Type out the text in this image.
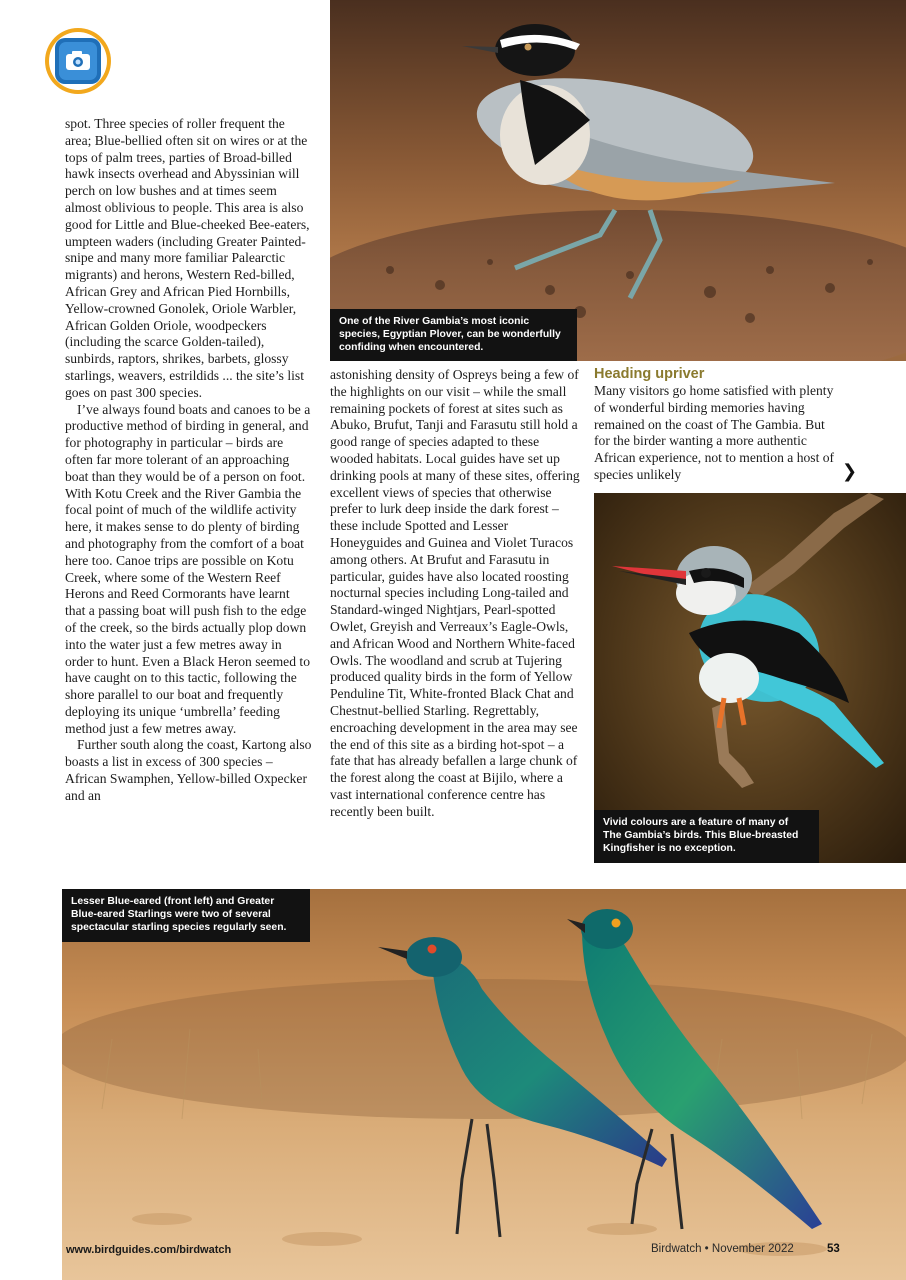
One of the River Gambia’s most iconic species, Egyptian Plover, can be wonderfully confiding when encountered.

spot. Three species of roller frequent the area; Blue-bellied often sit on wires or at the tops of palm trees, parties of Broad-billed hawk insects overhead and Abyssinian will perch on low bushes and at times seem almost oblivious to people. This area is also good for Little and Blue-cheeked Bee-eaters, umpteen waders (including Greater Painted-snipe and many more familiar Palearctic migrants) and herons, Western Red-billed, African Grey and African Pied Hornbills, Yellow-crowned Gonolek, Oriole Warbler, African Golden Oriole, woodpeckers (including the scarce Golden-tailed), sunbirds, raptors, shrikes, barbets, glossy starlings, weavers, estrildids ... the site’s list goes on past 300 species.

I’ve always found boats and canoes to be a productive method of birding in general, and for photography in particular – birds are often far more tolerant of an approaching boat than they would be of a person on foot. With Kotu Creek and the River Gambia the focal point of much of the wildlife activity here, it makes sense to do plenty of birding and photography from the comfort of a boat here too. Canoe trips are possible on Kotu Creek, where some of the Western Reef Herons and Reed Cormorants have learnt that a passing boat will push fish to the edge of the creek, so the birds actually plop down into the water just a few metres away in order to hunt. Even a Black Heron seemed to have caught on to this tactic, following the shore parallel to our boat and frequently deploying its unique ‘umbrella’ feeding method just a few metres away.

Further south along the coast, Kartong also boasts a list in excess of 300 species – African Swamphen, Yellow-billed Oxpecker and an

astonishing density of Ospreys being a few of the highlights on our visit – while the small remaining pockets of forest at sites such as Abuko, Brufut, Tanji and Farasutu still hold a good range of species adapted to these wooded habitats. Local guides have set up drinking pools at many of these sites, offering excellent views of species that otherwise prefer to lurk deep inside the dark forest – these include Spotted and Lesser Honeyguides and Guinea and Violet Turacos among others. At Brufut and Farasutu in particular, guides have also located roosting nocturnal species including Long-tailed and Standard-winged Nightjars, Pearl-spotted Owlet, Greyish and Verreaux’s Eagle-Owls, and African Wood and Northern White-faced Owls. The woodland and scrub at Tujering produced quality birds in the form of Yellow Penduline Tit, White-fronted Black Chat and Chestnut-bellied Starling. Regrettably, encroaching development in the area may see the end of this site as a birding hot-spot – a fate that has already befallen a large chunk of the forest along the coast at Bijilo, where a vast international conference centre has recently been built.

Heading upriver

Many visitors go home satisfied with plenty of wonderful birding memories having remained on the coast of The Gambia. But for the birder wanting a more authentic African experience, not to mention a host of species unlikely	❯
Vivid colours are a feature of many of The Gambia’s birds. This Blue-breasted Kingfisher is no exception.
Lesser Blue-eared (front left) and Greater Blue-eared Starlings were two of several spectacular starling species regularly seen.
www.birdguides.com/birdwatch	Birdwatch • November 2022	53
